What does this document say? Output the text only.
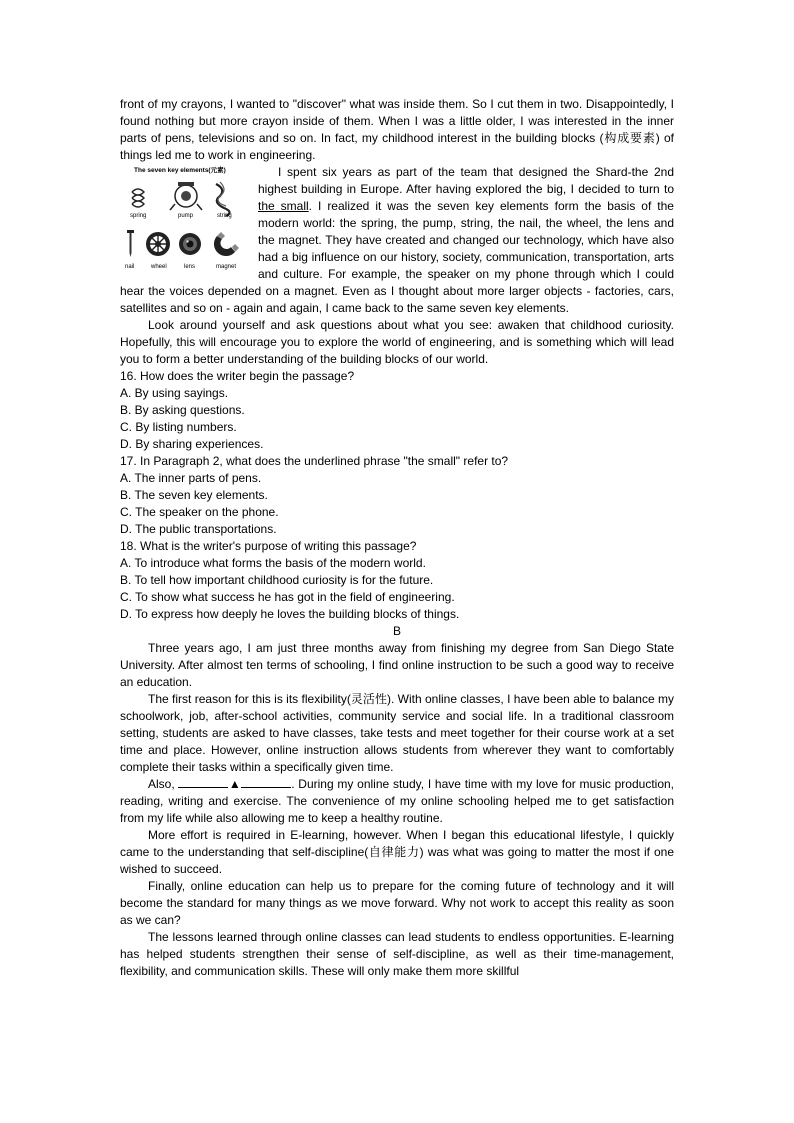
front of my crayons, I wanted to "discover" what was inside them. So I cut them in two. Disappointedly, I found nothing but more crayon inside of them. When I was a little older, I was interested in the inner parts of pens, televisions and so on. In fact, my childhood interest in the building blocks (构成要素) of things led me to work in engineering.

The seven key elements(元素)
spring	pump	string
nail	wheel	lens	magnet

I spent six years as part of the team that designed the Shard-the 2nd highest building in Europe. After having explored the big, I decided to turn to the small. I realized it was the seven key elements form the basis of the modern world: the spring, the pump, string, the nail, the wheel, the lens and the magnet. They have created and changed our technology, which have also had a big influence on our history, society, communication, transportation, arts and culture. For example, the speaker on my phone through which I could hear the voices depended on a magnet. Even as I thought about more larger objects - factories, cars, satellites and so on - again and again, I came back to the same seven key elements.

Look around yourself and ask questions about what you see: awaken that childhood curiosity. Hopefully, this will encourage you to explore the world of engineering, and is something which will lead you to form a better understanding of the building blocks of our world.

16. How does the writer begin the passage?

A. By using sayings.

B. By asking questions.

C. By listing numbers.

D. By sharing experiences.

17. In Paragraph 2, what does the underlined phrase "the small" refer to?

A. The inner parts of pens.

B. The seven key elements.

C. The speaker on the phone.

D. The public transportations.

18. What is the writer's purpose of writing this passage?

A. To introduce what forms the basis of the modern world.

B. To tell how important childhood curiosity is for the future.

C. To show what success he has got in the field of engineering.

D. To express how deeply he loves the building blocks of things.

B

Three years ago, I am just three months away from finishing my degree from San Diego State University. After almost ten terms of schooling, I find online instruction to be such a good way to receive an education.

The first reason for this is its flexibility(灵活性). With online classes, I have been able to balance my schoolwork, job, after-school activities, community service and social life. In a traditional classroom setting, students are asked to have classes, take tests and meet together for their course work at a set time and place. However, online instruction allows students from wherever they want to comfortably complete their tasks within a specifically given time.

Also,	▲	. During my online study, I have time with my love for music production, reading, writing and exercise. The convenience of my online schooling helped me to get satisfaction from my life while also allowing me to keep a healthy routine.

More effort is required in E-learning, however. When I began this educational lifestyle, I quickly came to the understanding that self-discipline(自律能力) was what was going to matter the most if one wished to succeed.

Finally, online education can help us to prepare for the coming future of technology and it will become the standard for many things as we move forward. Why not work to accept this reality as soon as we can?

The lessons learned through online classes can lead students to endless opportunities. E-learning has helped students strengthen their sense of self-discipline, as well as their time-management, flexibility, and communication skills. These will only make them more skillful
